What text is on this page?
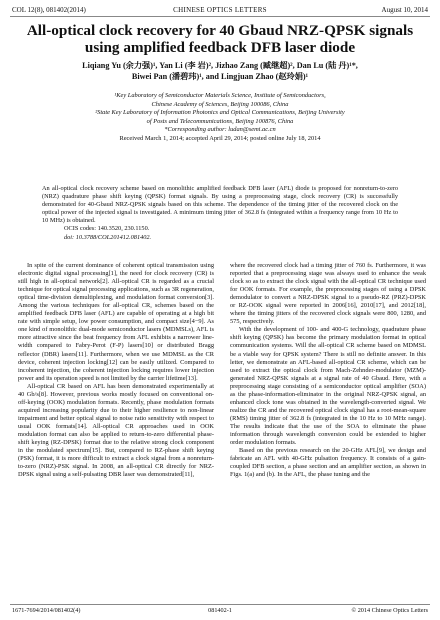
COL 12(8), 081402(2014)	CHINESE OPTICS LETTERS	August 10, 2014
All-optical clock recovery for 40 Gbaud NRZ-QPSK signals using amplified feedback DFB laser diode
Liqiang Yu (余力强)¹, Yan Li (李 岩)², Jizhao Zang (臧继超)², Dan Lu (陆 丹)¹*,
Biwei Pan (潘碧玮)¹, and Lingjuan Zhao (赵玲娟)¹
¹Key Laboratory of Semiconductor Materials Science, Institute of Semiconductors,
Chinese Academy of Sciences, Beijing 100086, China
²State Key Laboratory of Information Photonics and Optical Communications, Beijing University
of Posts and Telecommunications, Beijing 100876, China
*Corresponding author: ludan@semi.ac.cn
Received March 1, 2014; accepted April 29, 2014; posted online July 18, 2014
An all-optical clock recovery scheme based on monolithic amplified feedback DFB laser (AFL) diode is proposed for nonreturn-to-zero (NRZ) quadrature phase shift keying (QPSK) format signals. By using a preprocessing stage, clock recovery (CR) is successfully demonstrated for 40-Gbaud NRZ-QPSK signals based on this scheme. The dependence of the timing jitter of the recovered clock on the optical power of the injected signal is investigated. A minimum timing jitter of 362.8 fs (integrated within a frequency range from 10 Hz to 10 MHz) is obtained.
OCIS codes: 140.3520, 230.1150.
doi: 10.3788/COL201412.081402.

In spite of the current dominance of coherent optical transmission using electronic digital signal processing[1], the need for clock recovery (CR) is still high in all-optical network[2]. All-optical CR is regarded as a crucial technique for optical signal processing applications, such as 3R regeneration, optical time-division demultiplexing, and modulation format conversion[3]. Among the various techniques for all-optical CR, schemes based on the amplified feedback DFB laser (AFL) are capable of operating at a high bit rate with simple setup, low power consumption, and compact size[4−9]. As one kind of monolithic dual-mode semiconductor lasers (MDMSLs), AFL is more attractive since the beat frequency from AFL exhibits a narrower line-width compared to Fabry-Perot (F-P) lasers[10] or distributed Bragg reflector (DBR) lasers[11]. Furthermore, when we use MDMSL as the CR device, coherent injection locking[12] can be easily utilized. Compared to incoherent injection, the coherent injection locking requires lower injection power and its operation speed is not limited by the carrier lifetime[13].

All-optical CR based on AFL has been demonstrated experimentally at 40 Gb/s[8]. However, previous works mostly focused on conventional on-off-keying (OOK) modulation formats. Recently, phase modulation formats acquired increasing popularity due to their higher resilience to non-linear impairment and better optical signal to noise ratio sensitivity with respect to usual OOK formats[14]. All-optical CR approaches used in OOK modulation format can also be applied to return-to-zero differential phase-shift keying (RZ-DPSK) format due to the relative strong clock component in the modulated spectrum[15]. But, compared to RZ-phase shift keying (PSK) format, it is more difficult to extract a clock signal from a nonreturn-to-zero (NRZ)-PSK signal. In 2008, an all-optical CR directly for NRZ-DPSK signal using a self-pulsating DBR laser was demonstrated[11],

where the recovered clock had a timing jitter of 760 fs. Furthermore, it was reported that a preprocessing stage was always used to enhance the weak clock so as to extract the clock signal with the all-optical CR technique used for OOK formats. For example, the preprocessing stages of using a DPSK demodulator to convert a NRZ-DPSK signal to a pseudo-RZ (PRZ)-DPSK or RZ-OOK signal were reported in 2006[16], 2010[17], and 2012[18], where the timing jitters of the recovered clock signals were 800, 1280, and 575, respectively.

With the development of 100- and 400-G technology, quadrature phase shift keying (QPSK) has become the primary modulation format in optical communication systems. Will the all-optical CR scheme based on MDMSL be a viable way for QPSK system? There is still no definite answer. In this letter, we demonstrate an AFL-based all-optical CR scheme, which can be used to extract the optical clock from Mach-Zehnder-modulator (MZM)-generated NRZ-QPSK signals at a signal rate of 40 Gbaud. Here, with a preprocessing stage consisting of a semiconductor optical amplifier (SOA) as the phase-information-eliminator in the original NRZ-QPSK signal, an enhanced clock tone was obtained in the wavelength-converted signal. We realize the CR and the recovered optical clock signal has a root-mean-square (RMS) timing jitter of 362.8 fs (integrated in the 10 Hz to 10 MHz range). The results indicate that the use of the SOA to eliminate the phase information through wavelength conversion could be extended to higher order modulation formats.

Based on the previous research on the 20-GHz AFL[9], we design and fabricate an AFL with 40-GHz pulsation frequency. It consists of a gain-coupled DFB section, a phase section and an amplifier section, as shown in Figs. 1(a) and (b). In the AFL, the phase tuning and the

1671-7694/2014/081402(4)	081402-1	© 2014 Chinese Optics Letters
